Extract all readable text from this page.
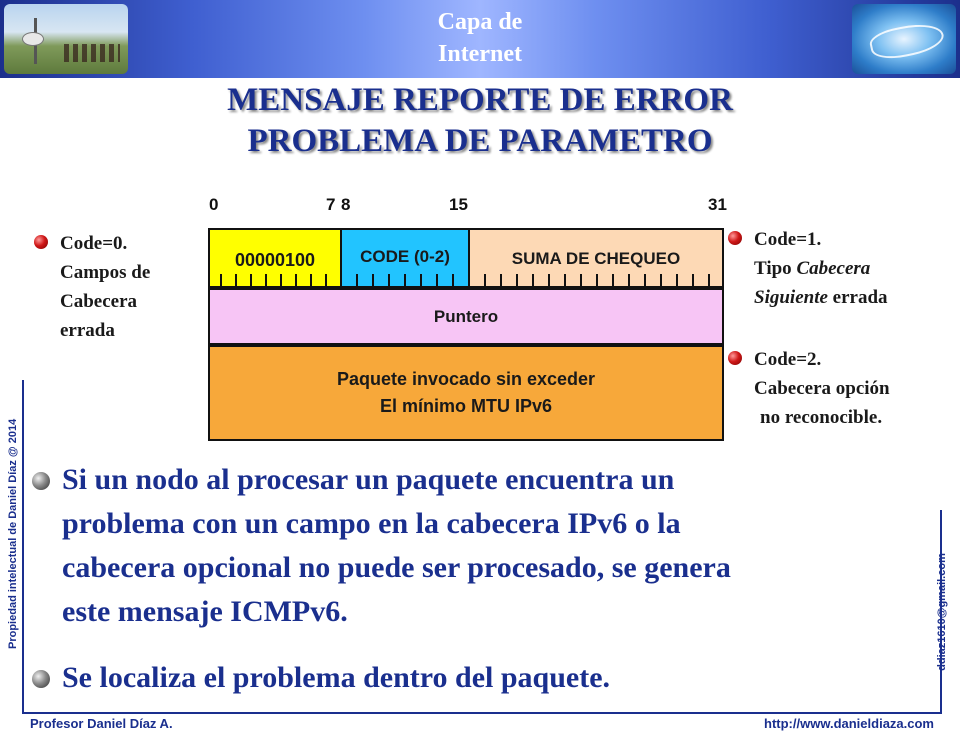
Capa de
Internet
MENSAJE REPORTE DE ERROR
PROBLEMA DE PARAMETRO
0	7 8	15	31
00000100	CODE (0-2)	SUMA DE CHEQUEO
Puntero
Paquete invocado sin exceder
El mínimo MTU IPv6
Code=0.
Campos de
Cabecera
errada
Code=1.
Tipo Cabecera
Siguiente errada
Code=2.
Cabecera opción
no reconocible.
Si un nodo al procesar un paquete encuentra un
problema con un campo en la cabecera IPv6 o la
cabecera opcional no puede ser procesado, se genera
este mensaje ICMPv6.
Se localiza el problema dentro del paquete.
Propiedad intelectual de Daniel Díaz @ 2014	ddiaz1610@gmail.com
Profesor Daniel Díaz A.	http://www.danieldiaza.com
